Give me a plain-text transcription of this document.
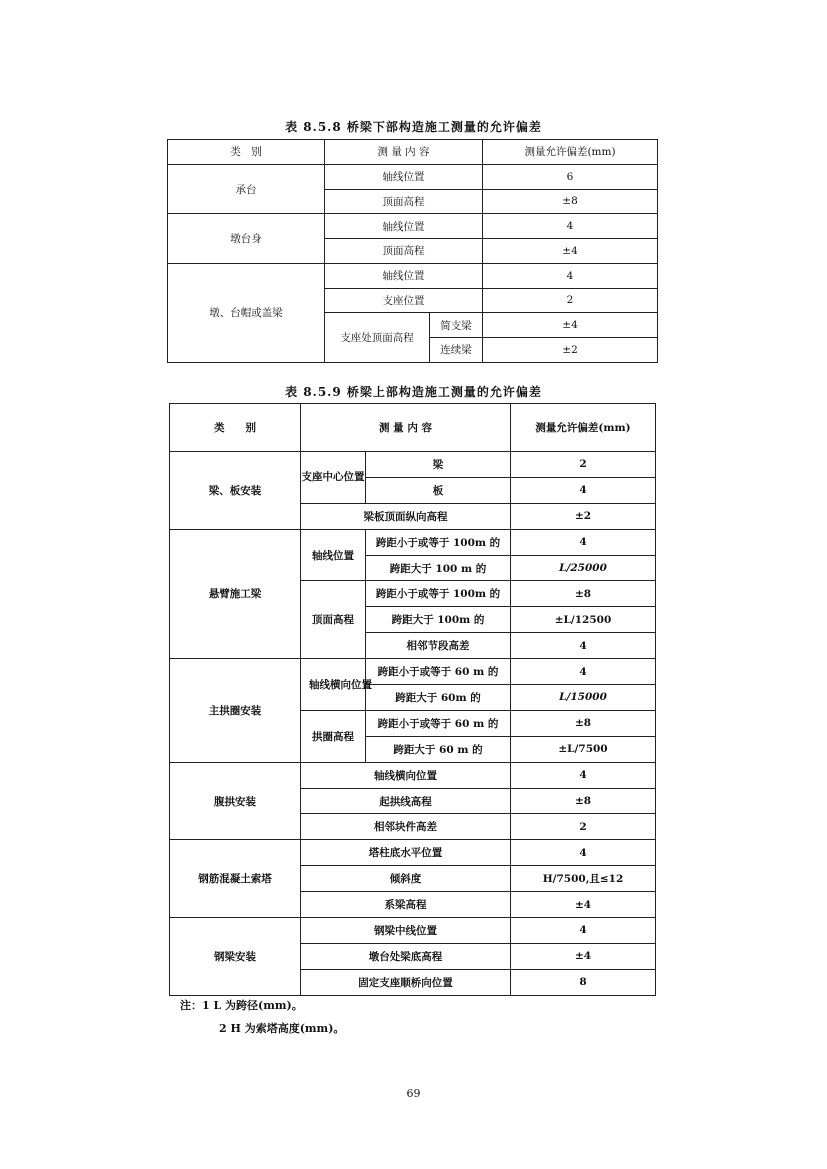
表 8.5.8 桥梁下部构造施工测量的允许偏差
类　别	测 量 内 容		测量允许偏差(mm)
承台	轴线位置		6
	顶面高程		±8
墩台身	轴线位置		4
	顶面高程		±4
墩、台帽或盖梁	轴线位置		4
	支座位置		2
	支座处顶面高程	简支梁	±4
		连续梁	±2
表 8.5.9 桥梁上部构造施工测量的允许偏差
类　　别	测 量 内 容		测量允许偏差(mm)
梁、板安装	支座中心位置	梁	2
		板	4
	梁板顶面纵向高程		±2
悬臂施工梁	轴线位置	跨距小于或等于 100m 的	4
		跨距大于 100 m 的	L/25000
	顶面高程	跨距小于或等于 100m 的	±8
		跨距大于 100m 的	±L/12500
		相邻节段高差	4
主拱圈安装	轴线横向位置	跨距小于或等于 60 m 的	4
		跨距大于 60m 的	L/15000
	拱圈高程	跨距小于或等于 60 m 的	±8
		跨距大于 60 m 的	±L/7500
腹拱安装	轴线横向位置		4
	起拱线高程		±8
	相邻块件高差		2
钢筋混凝土索塔	塔柱底水平位置		4
	倾斜度		H/7500,且≤12
	系梁高程		±4
钢梁安装	钢梁中线位置		4
	墩台处梁底高程		±4
	固定支座顺桥向位置		8
注：1 L 为跨径(mm)。
2 H 为索塔高度(mm)。
69
